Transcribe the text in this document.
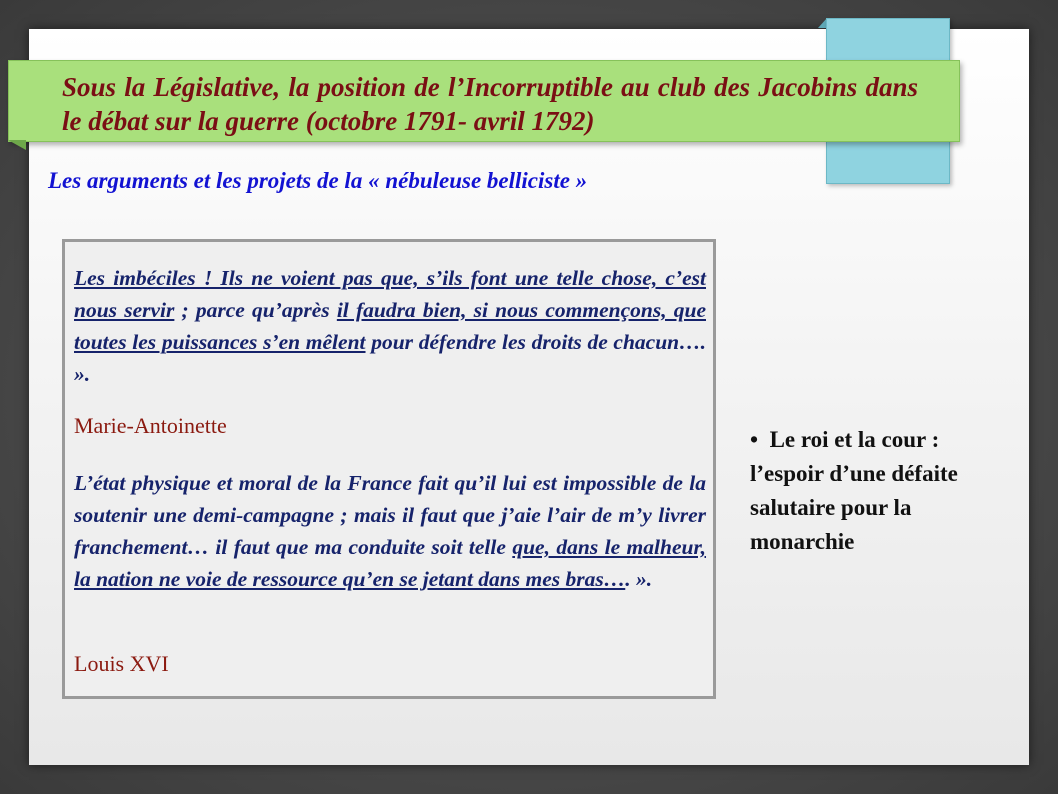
Sous la Législative, la position de l’Incorruptible au club des Jacobins dans le débat sur la guerre (octobre 1791- avril 1792)
Les arguments et les projets de la « nébuleuse belliciste »
Les imbéciles ! Ils ne voient pas que, s’ils font une telle chose, c’est nous servir ; parce qu’après il faudra bien, si nous commençons, que toutes les puissances s’en mêlent pour défendre les droits de chacun…. ».
Marie-Antoinette
L’état physique et moral de la France fait qu’il lui est impossible de la soutenir une demi-campagne ; mais il faut que j’aie l’air de m’y livrer franchement… il faut que ma conduite soit telle que, dans le malheur, la nation ne voie de ressource qu’en se jetant dans mes bras…. ».
Louis XVI
• Le roi et la cour : l’espoir d’une défaite salutaire pour la monarchie
